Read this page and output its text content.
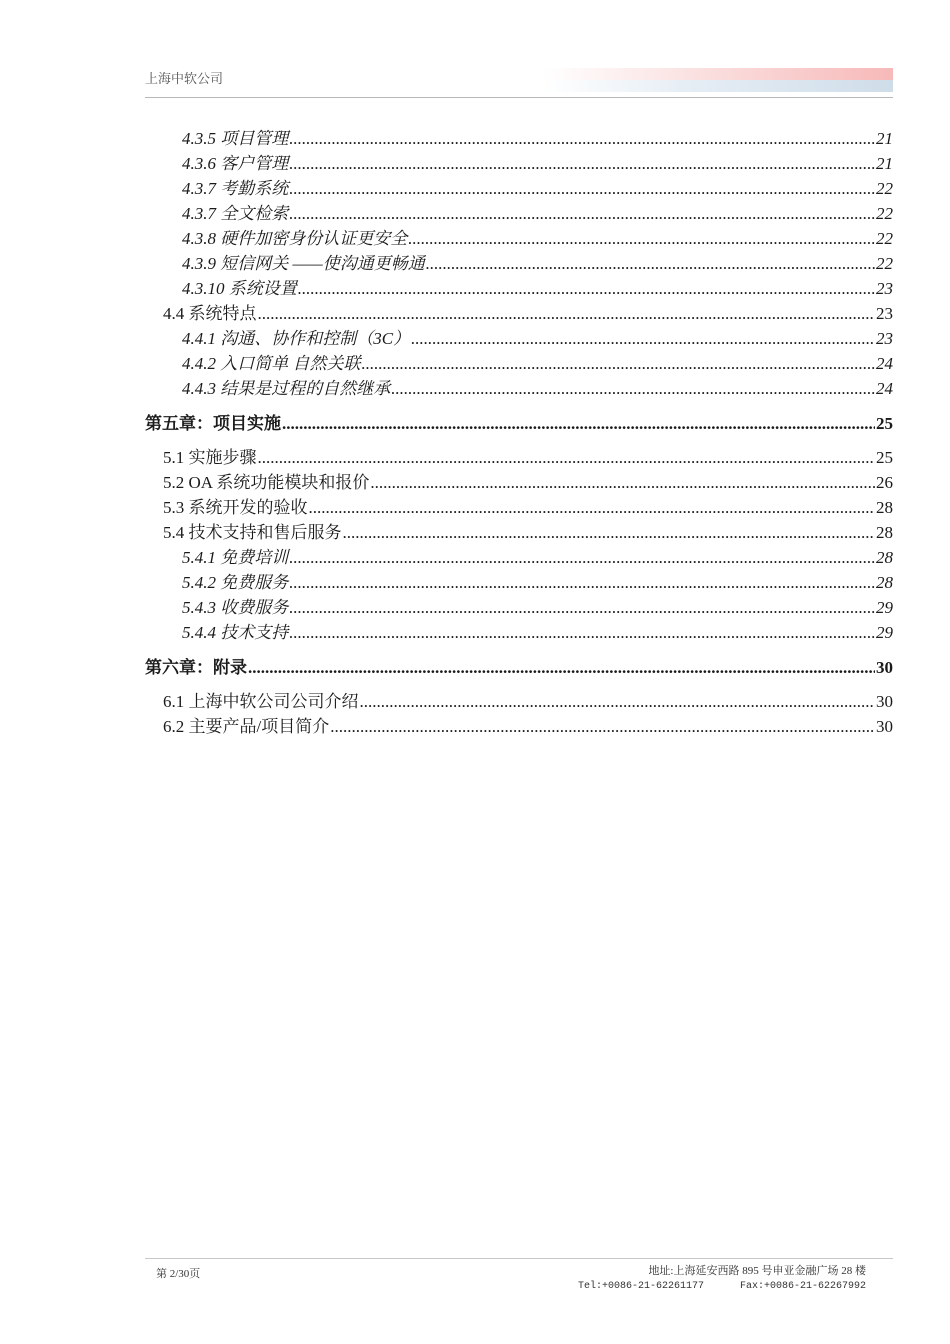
上海中软公司
4.3.5 项目管理 .....	21
4.3.6 客户管理 .....	21
4.3.7 考勤系统 .....	22
4.3.7 全文检索 .....	22
4.3.8 硬件加密身份认证更安全 .....	22
4.3.9 短信网关 ——使沟通更畅通 .....	22
4.3.10 系统设置 .....	23
4.4 系统特点 .....	23
4.4.1 沟通、协作和控制（3C） .....	23
4.4.2 入口简单 自然关联 .....	24
4.4.3 结果是过程的自然继承 .....	24
第五章：项目实施 .....	25
5.1 实施步骤 .....	25
5.2 OA 系统功能模块和报价 .....	26
5.3 系统开发的验收 .....	28
5.4 技术支持和售后服务 .....	28
5.4.1 免费培训 .....	28
5.4.2 免费服务 .....	28
5.4.3 收费服务 .....	29
5.4.4 技术支持 .....	29
第六章：附录 .....	30
6.1 上海中软公司公司介绍 .....	30
6.2 主要产品/项目简介 .....	30
第 2/30页	地址:上海延安西路 895 号申亚金融广场 28 楼
Tel:+0086-21-62261177      Fax:+0086-21-62267992
